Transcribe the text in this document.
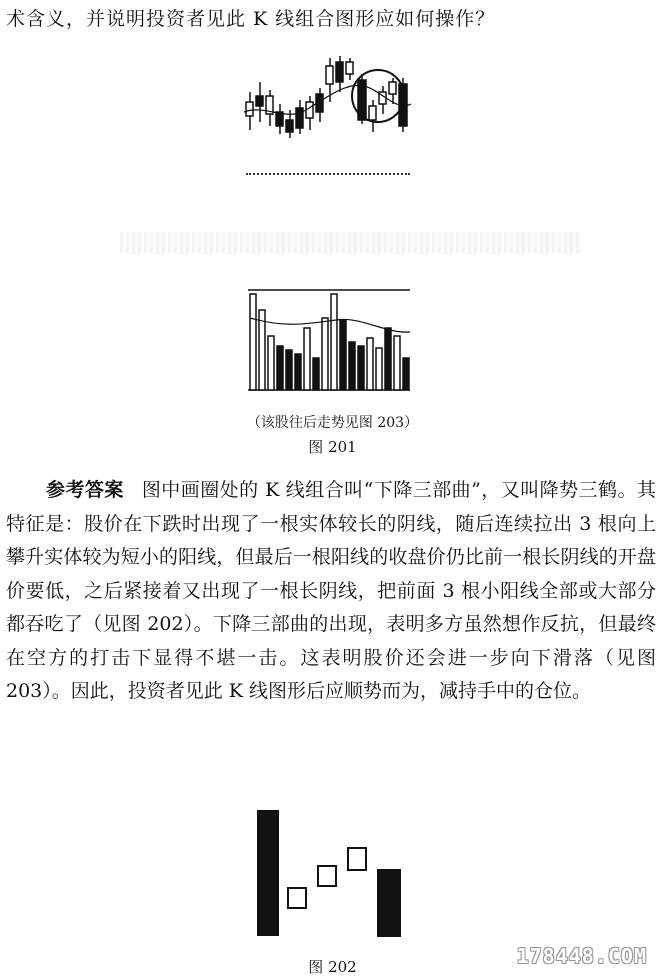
术含义，并说明投资者见此 K 线组合图形应如何操作？
（该股往后走势见图 203）
图 201
参考答案 图中画圈处的 K 线组合叫“下降三部曲”，又叫降势三鹤。其特征是：股价在下跌时出现了一根实体较长的阴线，随后连续拉出 3 根向上攀升实体较为短小的阳线，但最后一根阳线的收盘价仍比前一根长阴线的开盘价要低，之后紧接着又出现了一根长阴线，把前面 3 根小阳线全部或大部分都吞吃了（见图 202）。下降三部曲的出现，表明多方虽然想作反抗，但最终在空方的打击下显得不堪一击。这表明股价还会进一步向下滑落（见图 203）。因此，投资者见此 K 线图形后应顺势而为，减持手中的仓位。
图 202	178448.COM
